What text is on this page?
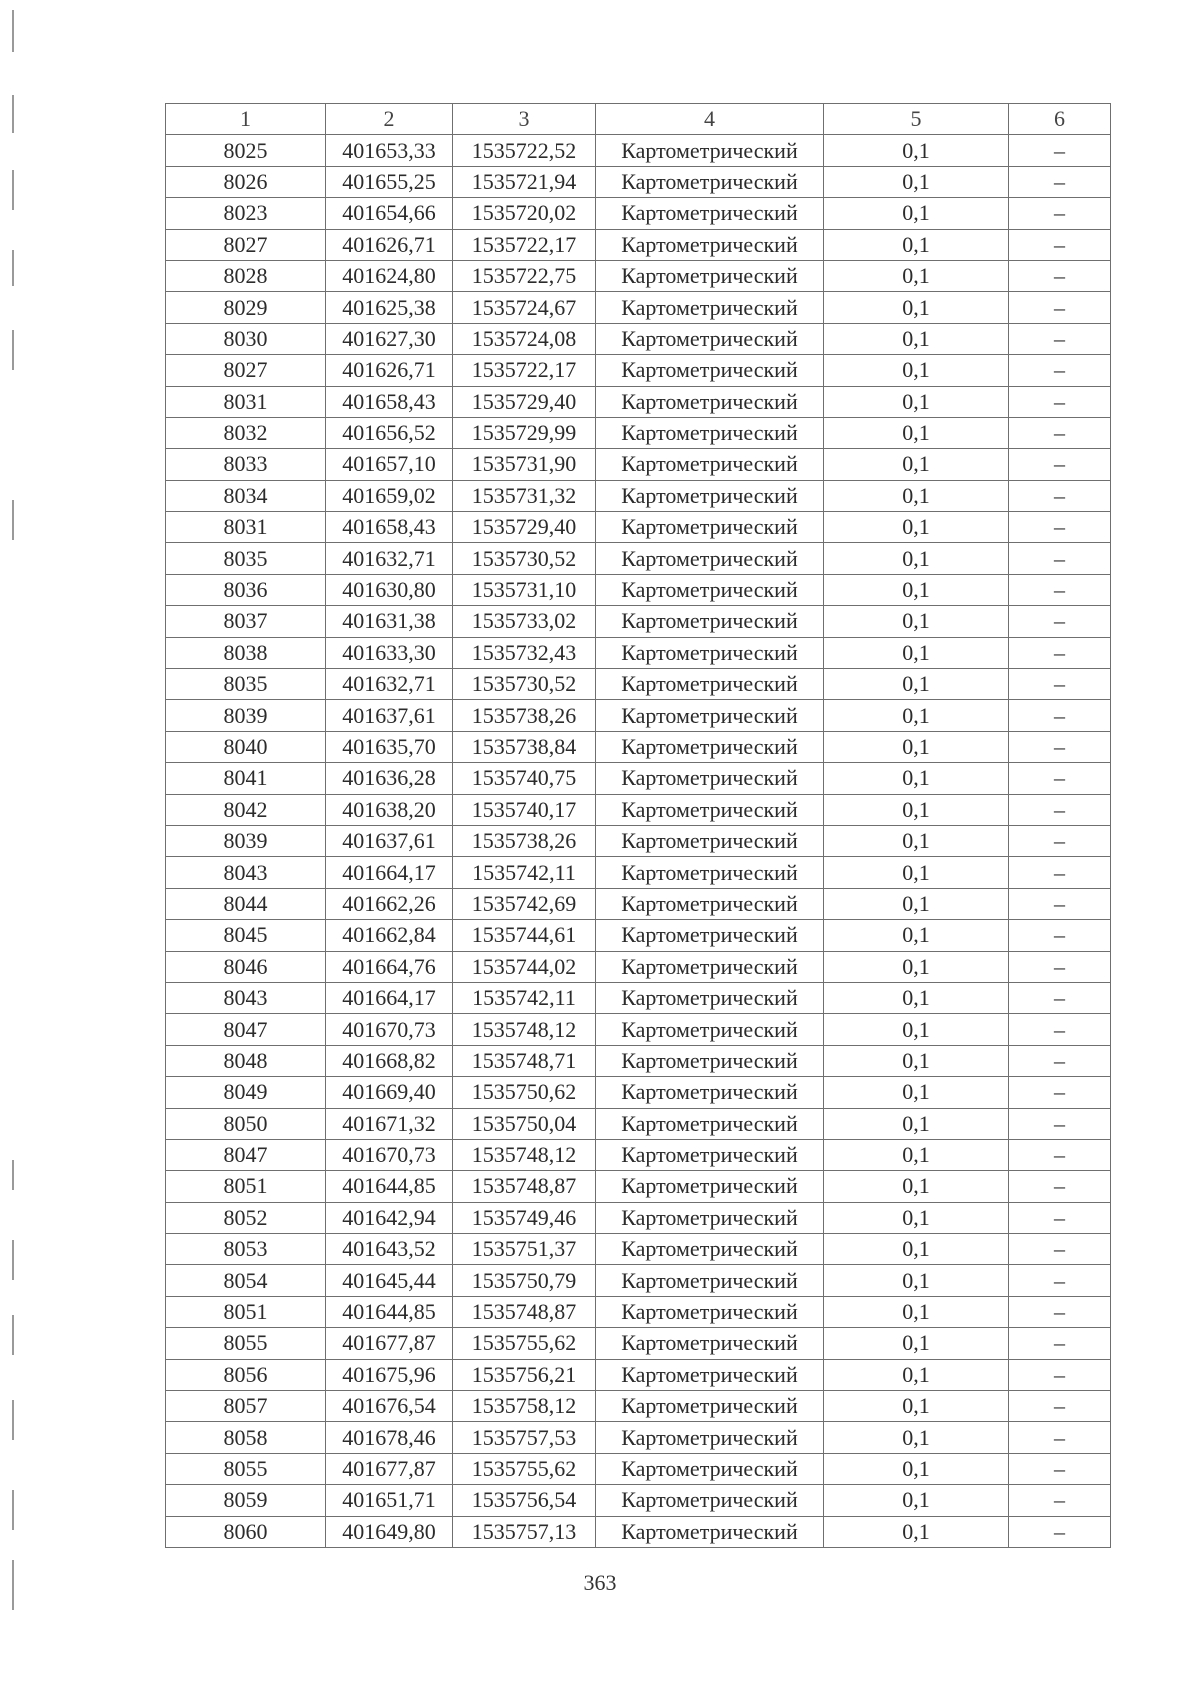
1	2	3	4	5	6
8025	401653,33	1535722,52	Картометрический	0,1	–
8026	401655,25	1535721,94	Картометрический	0,1	–
8023	401654,66	1535720,02	Картометрический	0,1	–
8027	401626,71	1535722,17	Картометрический	0,1	–
8028	401624,80	1535722,75	Картометрический	0,1	–
8029	401625,38	1535724,67	Картометрический	0,1	–
8030	401627,30	1535724,08	Картометрический	0,1	–
8027	401626,71	1535722,17	Картометрический	0,1	–
8031	401658,43	1535729,40	Картометрический	0,1	–
8032	401656,52	1535729,99	Картометрический	0,1	–
8033	401657,10	1535731,90	Картометрический	0,1	–
8034	401659,02	1535731,32	Картометрический	0,1	–
8031	401658,43	1535729,40	Картометрический	0,1	–
8035	401632,71	1535730,52	Картометрический	0,1	–
8036	401630,80	1535731,10	Картометрический	0,1	–
8037	401631,38	1535733,02	Картометрический	0,1	–
8038	401633,30	1535732,43	Картометрический	0,1	–
8035	401632,71	1535730,52	Картометрический	0,1	–
8039	401637,61	1535738,26	Картометрический	0,1	–
8040	401635,70	1535738,84	Картометрический	0,1	–
8041	401636,28	1535740,75	Картометрический	0,1	–
8042	401638,20	1535740,17	Картометрический	0,1	–
8039	401637,61	1535738,26	Картометрический	0,1	–
8043	401664,17	1535742,11	Картометрический	0,1	–
8044	401662,26	1535742,69	Картометрический	0,1	–
8045	401662,84	1535744,61	Картометрический	0,1	–
8046	401664,76	1535744,02	Картометрический	0,1	–
8043	401664,17	1535742,11	Картометрический	0,1	–
8047	401670,73	1535748,12	Картометрический	0,1	–
8048	401668,82	1535748,71	Картометрический	0,1	–
8049	401669,40	1535750,62	Картометрический	0,1	–
8050	401671,32	1535750,04	Картометрический	0,1	–
8047	401670,73	1535748,12	Картометрический	0,1	–
8051	401644,85	1535748,87	Картометрический	0,1	–
8052	401642,94	1535749,46	Картометрический	0,1	–
8053	401643,52	1535751,37	Картометрический	0,1	–
8054	401645,44	1535750,79	Картометрический	0,1	–
8051	401644,85	1535748,87	Картометрический	0,1	–
8055	401677,87	1535755,62	Картометрический	0,1	–
8056	401675,96	1535756,21	Картометрический	0,1	–
8057	401676,54	1535758,12	Картометрический	0,1	–
8058	401678,46	1535757,53	Картометрический	0,1	–
8055	401677,87	1535755,62	Картометрический	0,1	–
8059	401651,71	1535756,54	Картометрический	0,1	–
8060	401649,80	1535757,13	Картометрический	0,1	–
363
